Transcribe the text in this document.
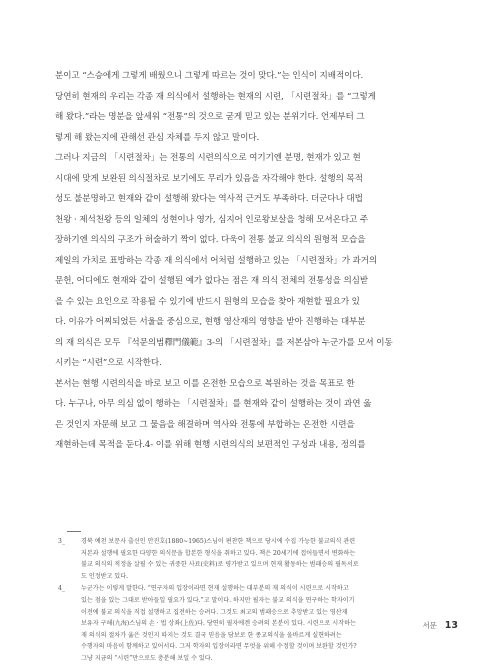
분이고 “스승에게 그렇게 배웠으니 그렇게 따르는 것이 맞다.”는 인식이 지배적이다.
당연히 현재의 우리는 각종 재 의식에서 설행하는 현재의 시련, 「시련절차」를 “그렇게
해 왔다.”라는 명분을 앞세워 “전통”의 것으로 굳게 믿고 있는 분위기다. 언제부터 그
렇게 해 왔는지에 관해선 관심 자체를 두지 않고 말이다.

그러나 지금의 「시련절차」는 전통의 시련의식으로 여기기엔 분명, 현재가 있고 현
시대에 맞게 보완된 의식절차로 보기에도 무리가 있음을 자각해야 한다. 설행의 목적
성도 불분명하고 현재와 같이 설행해 왔다는 역사적 근거도 부족하다. 더군다나 대법
천왕 · 제석천왕 등의 일체의 성현이나 영가, 심지어 인로왕보살을 청해 모셔온다고 주
장하기엔 의식의 구조가 허술하기 짝이 없다. 다욱이 전통 불교 의식의 원형적 모습을
제일의 가치로 표방하는 각종 재 의식에서 어처럼 설행하고 있는 「시련절차」가 과거의
문헌, 어디에도 현재와 같이 설행된 예가 없다는 점은 재 의식 전체의 전통성을 의심받
을 수 있는 요인으로 작용될 수 있기에 반드시 원형의 모습을 찾아 재현할 필요가 있
다. 이유가 어찌되었든 서울을 중심으로, 현행 영산재의 영향을 받아 진행하는 대부분
의 재 의식은 모두 『석문의범釋門儀範』3-의 「시련절차」를 저본삼아 누군가를 모셔 이동
시키는 “시련”으로 시작한다.

본서는 현행 시련의식을 바로 보고 이를 온전한 모습으로 복원하는 것을 목표로 한
다. 누구나, 아무 의심 없이 행하는 「시련절차」를 현재와 같이 설행하는 것이 과연 옳
은 것인지 자문해 보고 그 물음을 해결하며 역사와 전통에 부합하는 온전한 시련을
재현하는데 목적을 둔다.4- 이를 위해 현행 시련의식의 보편적인 구성과 내용, 정의를

3_	경북 예천 보문사 출신인 안진호(1880~1965)스님이 편찬한 책으로 당시에 수집 가능한 불교의식 관련
저본과 설행에 필요한 다양한 의식문을 합본한 형식을 취하고 있다. 책은 20세기에 접어들면서 변화하는
불교 의식의 적정을 살필 수 있는 귀중한 사료(史料)로 평가받고 있으며 현재 활동하는 범패승의 필독서로
도 인정받고 있다.
4_	누군가는 이렇게 말한다. “연구자의 입장이라면 현재 설행하는 대부분의 재 의식이 시련으로 시작하고
있는 점을 있는 그대로 받아들일 필요가 있다.”고 말이다. 하지만 필자는 불교 의식을 연구하는 학자이기
이전에 불교 의식을 직접 설행하고 집전하는 승려다. 그것도 최고의 범패승으로 추앙받고 있는 영산재
보유자 구해(九海)스님의 손 · 법 상좌(上佐)다. 당연히 필자에겐 승려의 본분이 있다. 시련으로 시작하는
재 의식의 절차가 옳은 것인지 따지는 것도 결국 믿음을 담보로 한 종교의식을 올바르게 실현하려는
수행자의 마음이 함께하고 있어서다. 그저 학자의 입장이라면 무엇을 위해 수정할 것이며 보완할 것인가?
그냥 지금의 “시련”만으로도 충분해 보일 수 있다.
서문 13
